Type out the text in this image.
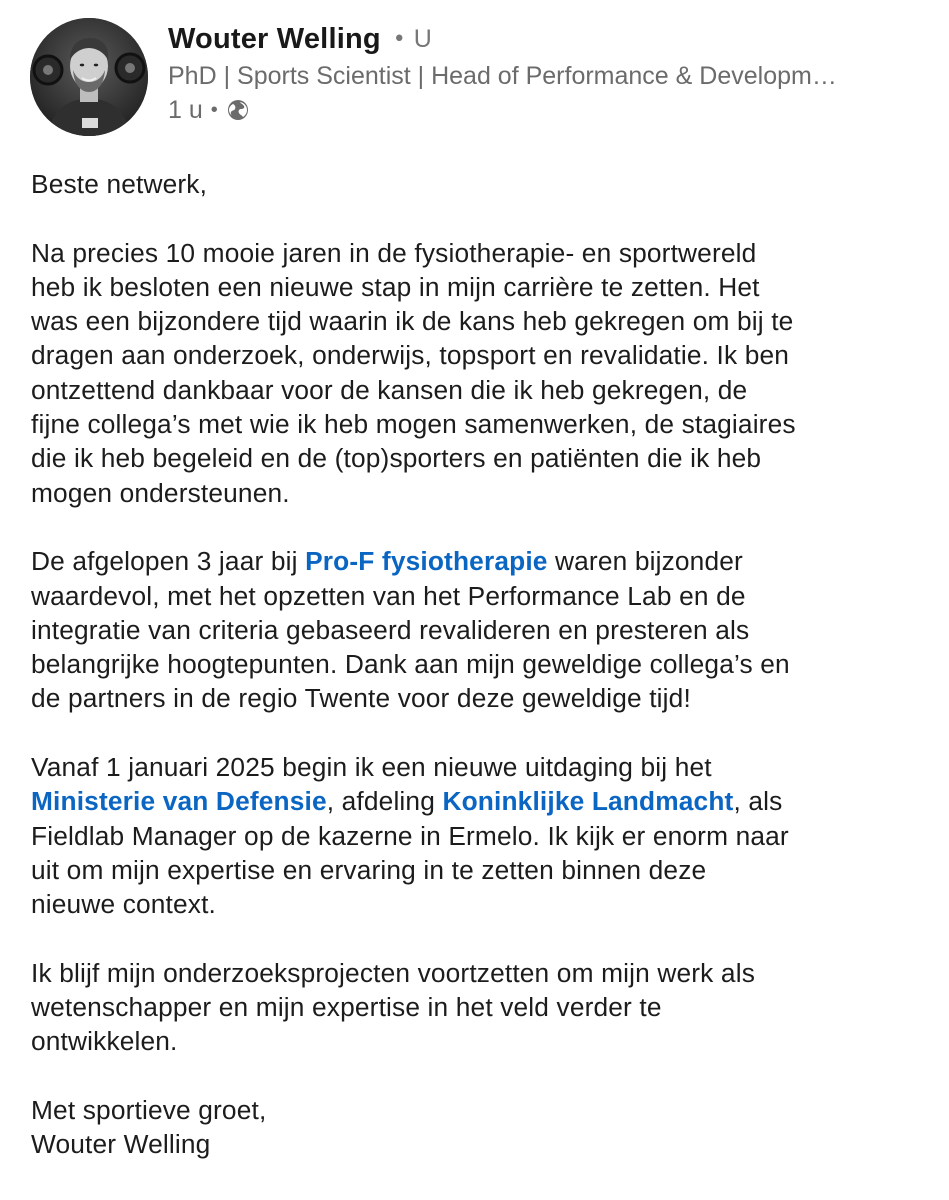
Wouter Welling • U
PhD | Sports Scientist | Head of Performance & Developm…
1 u •

Beste netwerk,

Na precies 10 mooie jaren in de fysiotherapie- en sportwereld
heb ik besloten een nieuwe stap in mijn carrière te zetten. Het
was een bijzondere tijd waarin ik de kans heb gekregen om bij te
dragen aan onderzoek, onderwijs, topsport en revalidatie. Ik ben
ontzettend dankbaar voor de kansen die ik heb gekregen, de
fijne collega’s met wie ik heb mogen samenwerken, de stagiaires
die ik heb begeleid en de (top)sporters en patiënten die ik heb
mogen ondersteunen.

De afgelopen 3 jaar bij Pro-F fysiotherapie waren bijzonder
waardevol, met het opzetten van het Performance Lab en de
integratie van criteria gebaseerd revalideren en presteren als
belangrijke hoogtepunten. Dank aan mijn geweldige collega’s en
de partners in de regio Twente voor deze geweldige tijd!

Vanaf 1 januari 2025 begin ik een nieuwe uitdaging bij het
Ministerie van Defensie, afdeling Koninklijke Landmacht, als
Fieldlab Manager op de kazerne in Ermelo. Ik kijk er enorm naar
uit om mijn expertise en ervaring in te zetten binnen deze
nieuwe context.

Ik blijf mijn onderzoeksprojecten voortzetten om mijn werk als
wetenschapper en mijn expertise in het veld verder te
ontwikkelen.

Met sportieve groet,
Wouter Welling
